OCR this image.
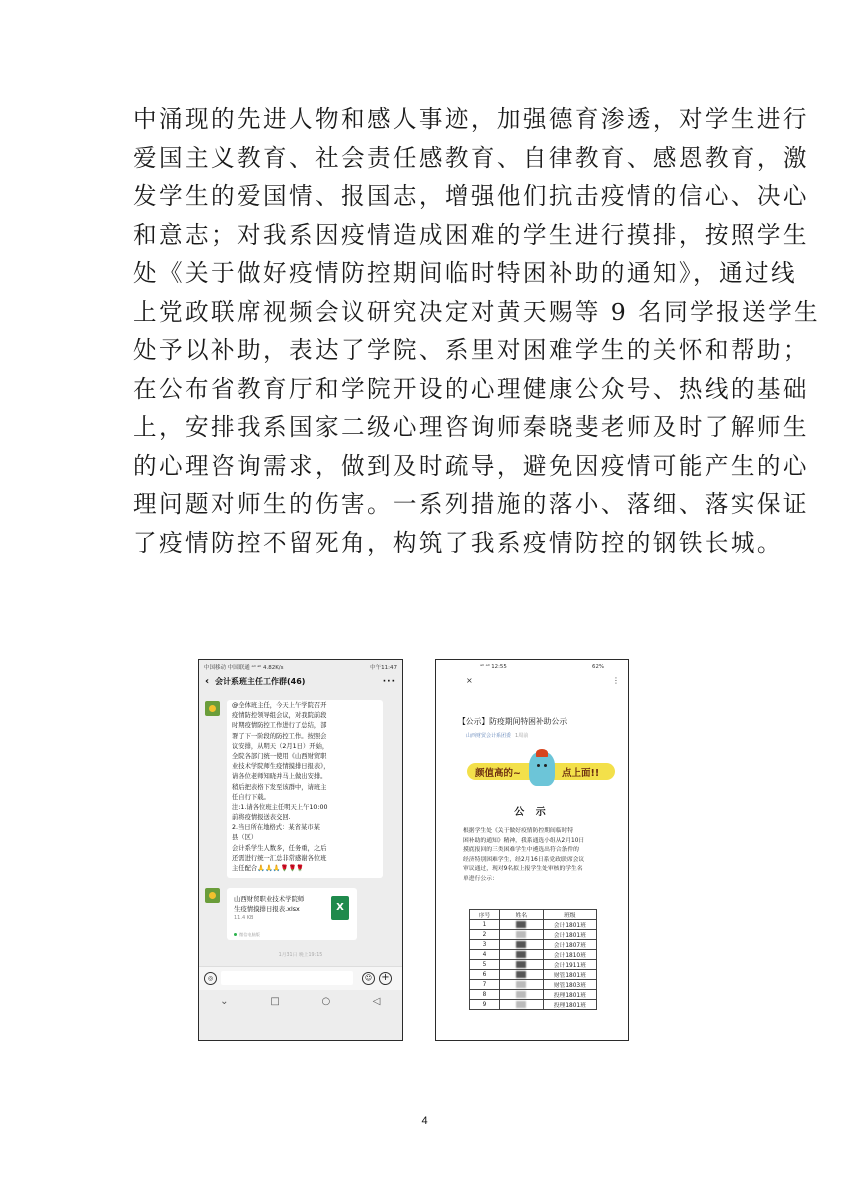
中涌现的先进人物和感人事迹，加强德育渗透，对学生进行
爱国主义教育、社会责任感教育、自律教育、感恩教育，激
发学生的爱国情、报国志，增强他们抗击疫情的信心、决心
和意志；对我系因疫情造成困难的学生进行摸排，按照学生
处《关于做好疫情防控期间临时特困补助的通知》，通过线
上党政联席视频会议研究决定对黄天赐等 9 名同学报送学生
处予以补助，表达了学院、系里对困难学生的关怀和帮助；
在公布省教育厅和学院开设的心理健康公众号、热线的基础
上，安排我系国家二级心理咨询师秦晓斐老师及时了解师生
的心理咨询需求，做到及时疏导，避免因疫情可能产生的心
理问题对师生的伤害。一系列措施的落小、落细、落实保证
了疫情防控不留死角，构筑了我系疫情防控的钢铁长城。
中国移动 中国联通 ᵃˡˡ ᵃˡˡ 4.82K/s	中午11:47
‹ 会计系班主任工作群(46)	···
@全体班主任，今天上午学院召开
疫情防控领导组会议，对我院前段
时期疫情防控工作进行了总结，部
署了下一阶段的防控工作。按照会
议安排，从明天（2月1日）开始，
全院各部门统一使用《山西财贸职
业技术学院师生疫情摸排日报表》，
请各位老师知晓并马上做出安排。
稍后把表格下发至该群中，请班主
任自行下载。
注:1.请各位班主任明天上午10:00
前将疫情报送表交回.
2.当日所在地格式：某省某市某
县（区）
会计系学生人数多，任务重，之后
还需进行统一汇总非常感谢各位班
主任配合🙏🙏🙏🌹🌹🌹
山西财贸职业技术学院师
生疫情摸排日报表.xlsx
11.4 KB
X
微信电脑版
1月31日 晚上19:15
◎	☺ +
⌄	□	○	◁
ᵃˡˡ ᵃˡˡ 12:55	62%
×	⋮
【公示】防疫期间特困补助公示
山西财贸会计系团委 1周前
颜值高的~	点上面!!
公 示
根据学生处《关于做好疫情防控期间临时特
困补助的通知》精神，我系通选小组从2月10日
摸底报回的三类困难学生中遴选出符合条件的
经济特别困难学生，经2月16日系党政联席会议
审议通过，现对9名拟上报学生处审核的学生名
单进行公示：
序号	姓名	班级
1		会计1801班
2		会计1801班
3		会计1807班
4		会计1810班
5		会计1911班
6		财管1801班
7		财管1803班
8		投理1801班
9		投理1801班
4
